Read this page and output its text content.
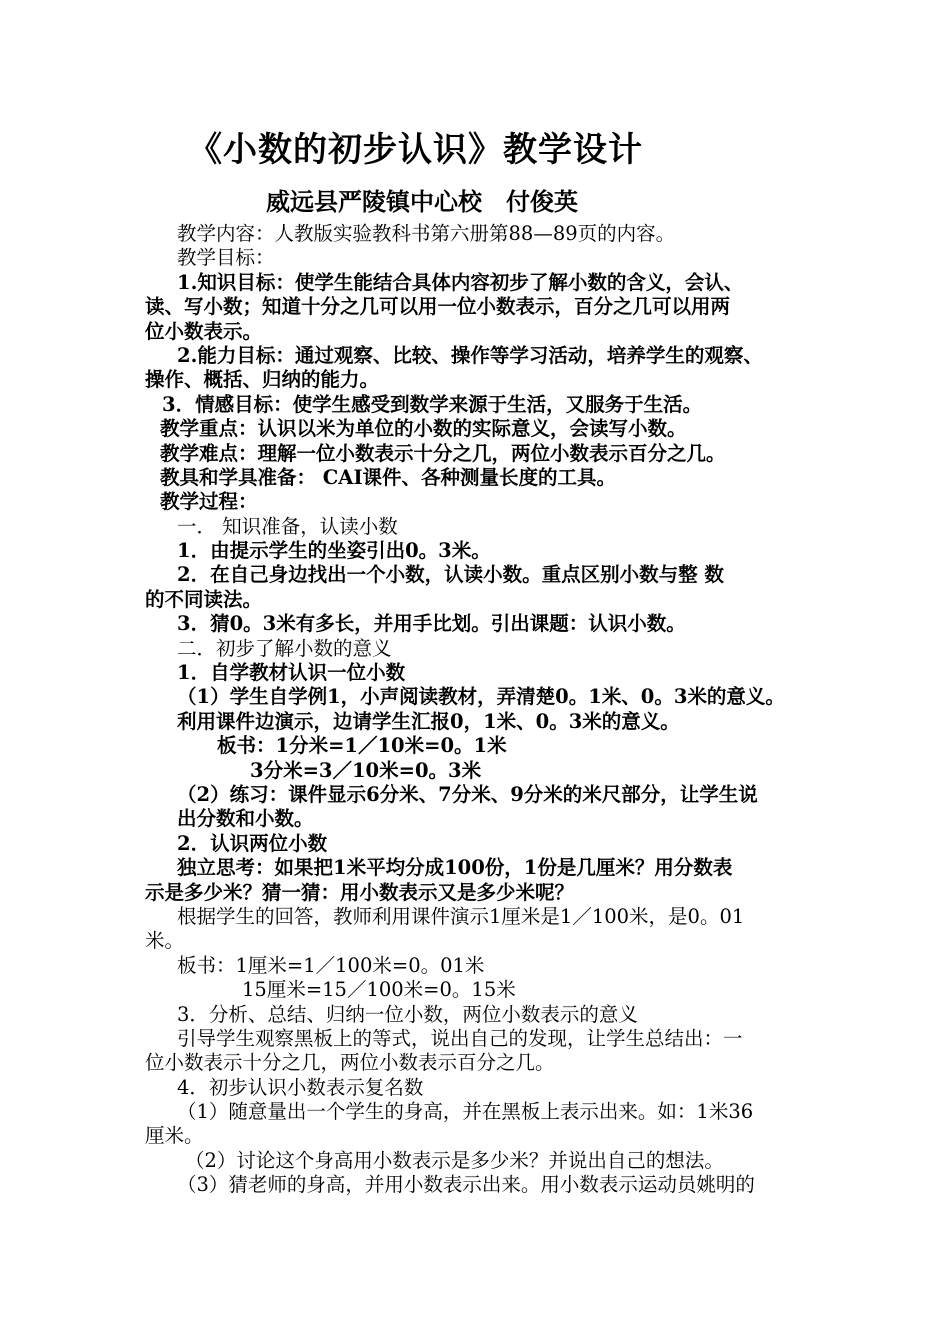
《小数的初步认识》教学设计
威远县严陵镇中心校　付俊英
教学内容：人教版实验教科书第六册第88—89页的内容。
教学目标：
1.知识目标：使学生能结合具体内容初步了解小数的含义，会认、
读、写小数；知道十分之几可以用一位小数表示，百分之几可以用两
位小数表示。
2.能力目标：通过观察、比较、操作等学习活动，培养学生的观察、
操作、概括、归纳的能力。
3．情感目标：使学生感受到数学来源于生活，又服务于生活。
教学重点：认识以米为单位的小数的实际意义，会读写小数。
教学难点：理解一位小数表示十分之几，两位小数表示百分之几。
教具和学具准备： CAI课件、各种测量长度的工具。
教学过程：
一． 知识准备，认读小数
1．由提示学生的坐姿引出0。3米。
2．在自己身边找出一个小数，认读小数。重点区别小数与整 数
的不同读法。
3．猜0。3米有多长，并用手比划。引出课题：认识小数。
二．初步了解小数的意义
1．自学教材认识一位小数
（1）学生自学例1，小声阅读教材，弄清楚0。1米、0。3米的意义。
利用课件边演示，边请学生汇报0，1米、0。3米的意义。
板书：1分米=1／10米=0。1米
3分米=3／10米=0。3米
（2）练习：课件显示6分米、7分米、9分米的米尺部分，让学生说
出分数和小数。
2．认识两位小数
独立思考：如果把1米平均分成100份，1份是几厘米？用分数表
示是多少米？猜一猜：用小数表示又是多少米呢？
根据学生的回答，教师利用课件演示1厘米是1／100米，是0。01
米。
板书：1厘米=1／100米=0。01米
15厘米=15／100米=0。15米
3．分析、总结、归纳一位小数，两位小数表示的意义
引导学生观察黑板上的等式，说出自己的发现，让学生总结出：一
位小数表示十分之几，两位小数表示百分之几。
4．初步认识小数表示复名数
（1）随意量出一个学生的身高，并在黑板上表示出来。如：1米36
厘米。
（2）讨论这个身高用小数表示是多少米？并说出自己的想法。
（3）猜老师的身高，并用小数表示出来。用小数表示运动员姚明的
